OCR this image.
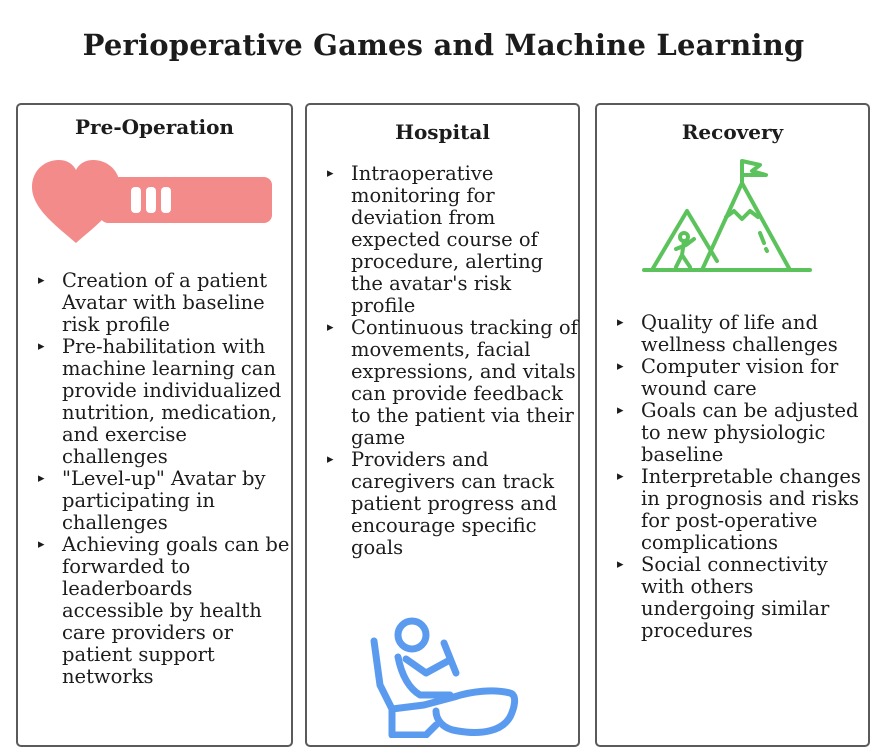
Perioperative Games and Machine Learning
Pre-Operation
▸ Creation of a patient Avatar with baseline risk profile
▸ Pre-habilitation with machine learning can provide individualized nutrition, medication, and exercise challenges
▸ "Level-up" Avatar by participating in challenges
▸ Achieving goals can be forwarded to leaderboards accessible by health care providers or patient support networks
Hospital
▸ Intraoperative monitoring for deviation from expected course of procedure, alerting the avatar's risk profile
▸ Continuous tracking of movements, facial expressions, and vitals can provide feedback to the patient via their game
▸ Providers and caregivers can track patient progress and encourage specific goals
Recovery
▸ Quality of life and wellness challenges
▸ Computer vision for wound care
▸ Goals can be adjusted to new physiologic baseline
▸ Interpretable changes in prognosis and risks for post-operative complications
▸ Social connectivity with others undergoing similar procedures
